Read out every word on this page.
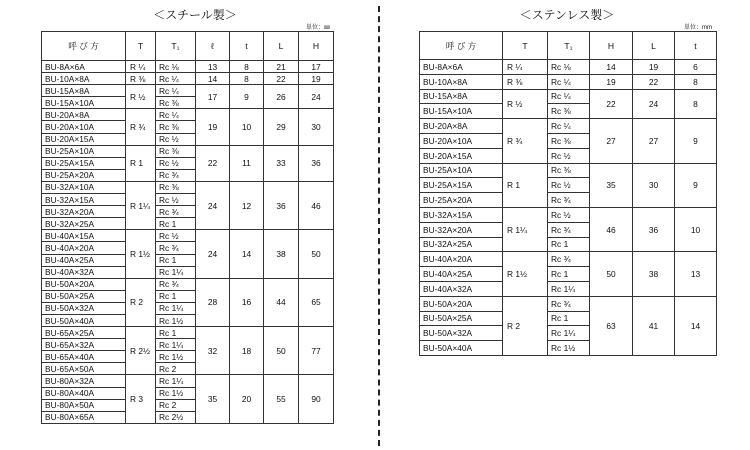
＜スチール製＞
単位：㎜
呼 び 方	T	T₁	ℓ	t	L	H
BU-8A×6A	R ¼	Rc ⅛	13	8	21	17
BU-10A×8A	R ⅜	Rc ¼	14	8	22	19
BU-15A×8A	R ½	Rc ¼	17	9	26	24
BU-15A×10A		Rc ⅜				
BU-20A×8A	R ¾	Rc ¼	19	10	29	30
BU-20A×10A		Rc ⅜				
BU-20A×15A		Rc ½				
BU-25A×10A	R 1	Rc ⅜	22	11	33	36
BU-25A×15A		Rc ½				
BU-25A×20A		Rc ¾				
BU-32A×10A	R 1¼	Rc ⅜	24	12	36	46
BU-32A×15A		Rc ½				
BU-32A×20A		Rc ¾				
BU-32A×25A		Rc 1				
BU-40A×15A	R 1½	Rc ½	24	14	38	50
BU-40A×20A		Rc ¾				
BU-40A×25A		Rc 1				
BU-40A×32A		Rc 1¼				
BU-50A×20A	R 2	Rc ¾	28	16	44	65
BU-50A×25A		Rc 1				
BU-50A×32A		Rc 1¼				
BU-50A×40A		Rc 1½				
BU-65A×25A	R 2½	Rc 1	32	18	50	77
BU-65A×32A		Rc 1¼				
BU-65A×40A		Rc 1½				
BU-65A×50A		Rc 2				
BU-80A×32A	R 3	Rc 1¼	35	20	55	90
BU-80A×40A		Rc 1½				
BU-80A×50A		Rc 2				
BU-80A×65A		Rc 2½				
＜ステンレス製＞
単位：mm
呼 び 方	T	T₁	H	L	t
BU-8A×6A	R ¼	Rc ⅛	14	19	6
BU-10A×8A	R ⅜	Rc ¼	19	22	8
BU-15A×8A	R ½	Rc ¼	22	24	8
BU-15A×10A		Rc ⅜			
BU-20A×8A	R ¾	Rc ¼	27	27	9
BU-20A×10A		Rc ⅜			
BU-20A×15A		Rc ½			
BU-25A×10A	R 1	Rc ⅜	35	30	9
BU-25A×15A		Rc ½			
BU-25A×20A		Rc ¾			
BU-32A×15A	R 1¼	Rc ½	46	36	10
BU-32A×20A		Rc ¾			
BU-32A×25A		Rc 1			
BU-40A×20A	R 1½	Rc ¾	50	38	13
BU-40A×25A		Rc 1			
BU-40A×32A		Rc 1¼			
BU-50A×20A	R 2	Rc ¾	63	41	14
BU-50A×25A		Rc 1			
BU-50A×32A		Rc 1¼			
BU-50A×40A		Rc 1½			
